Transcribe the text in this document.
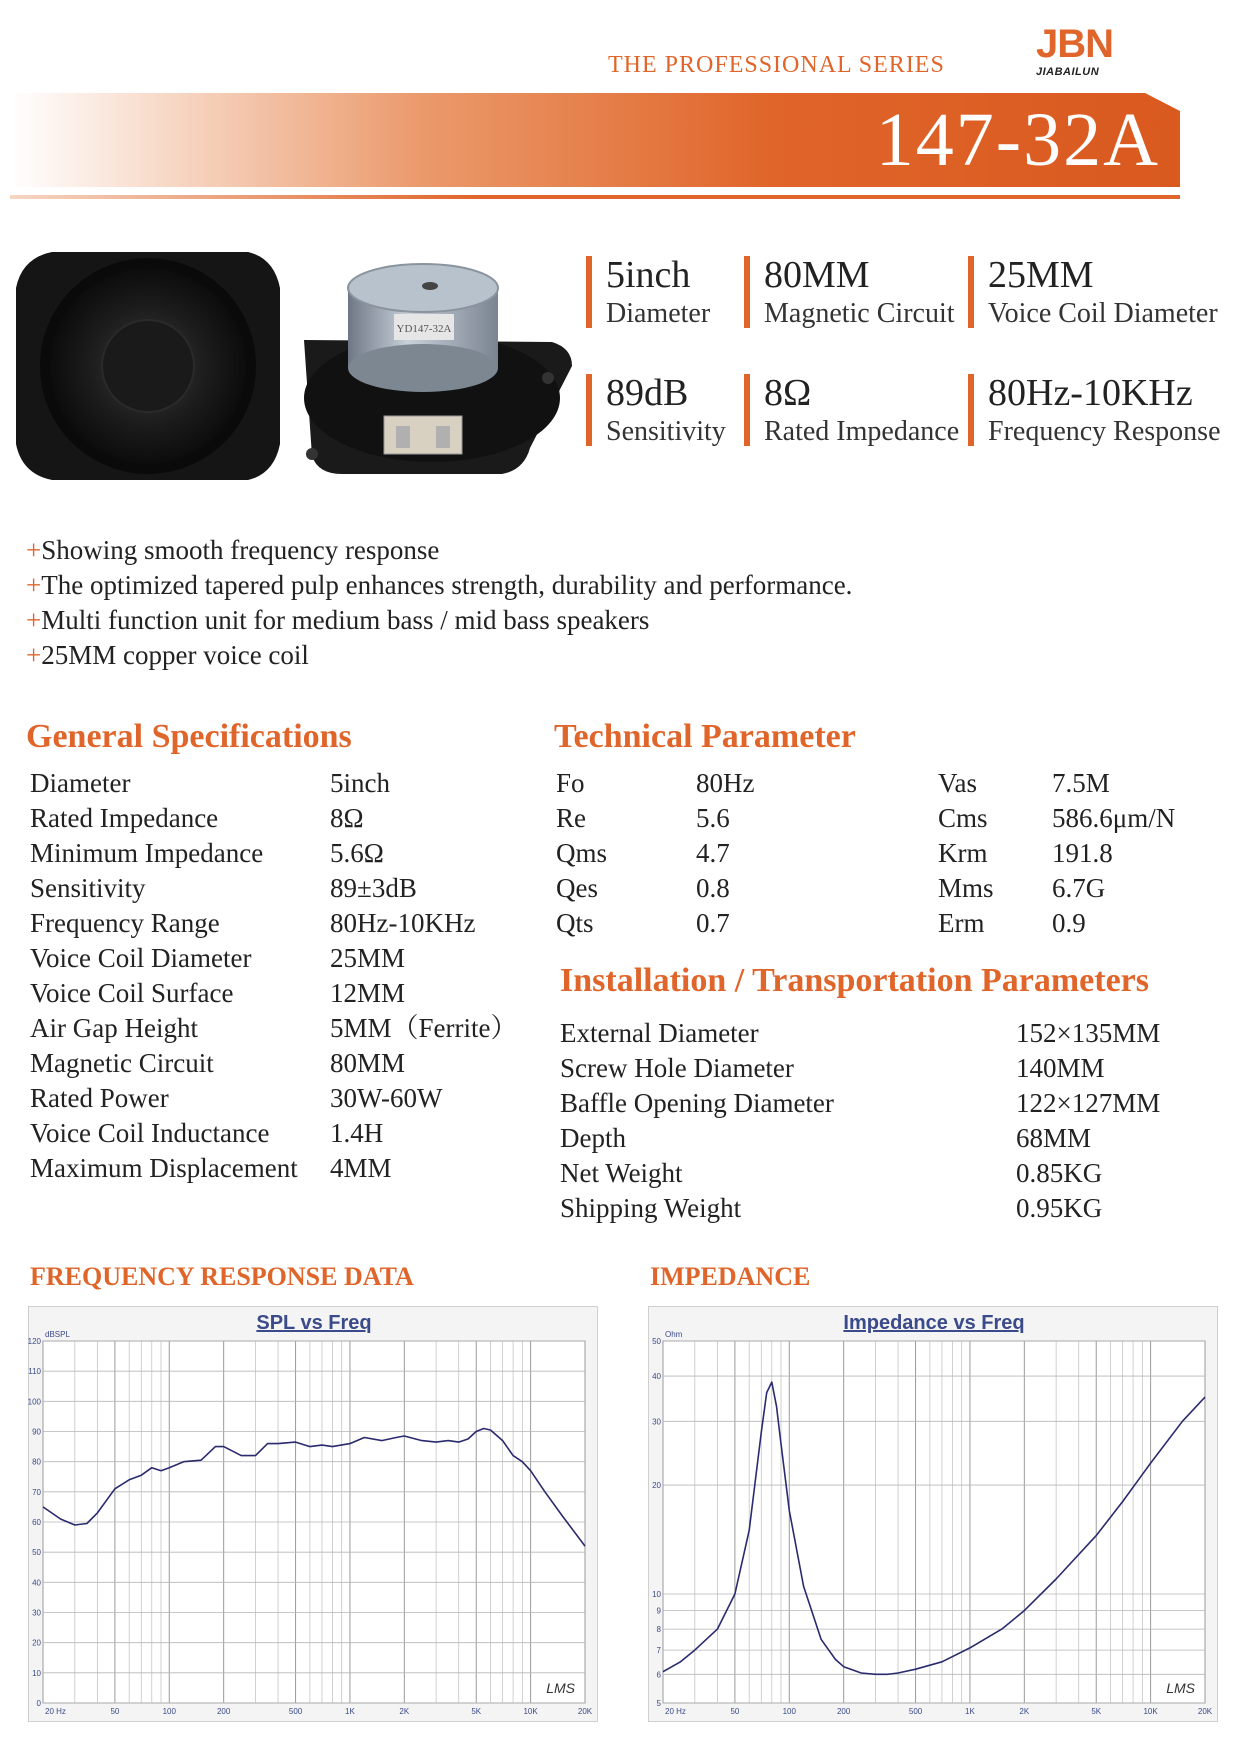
THE PROFESSIONAL SERIES JBN
JIABAILUN
147-32A
YD147-32A
5inch
Diameter
80MM
Magnetic Circuit
25MM
Voice Coil Diameter
89dB
Sensitivity
8Ω
Rated Impedance
80Hz-10KHz
Frequency Response
+Showing smooth frequency response
+The optimized tapered pulp enhances strength, durability and performance.
+Multi function unit for medium bass / mid bass speakers
+25MM copper voice coil
General Specifications
Diameter	5inch
Rated Impedance	8Ω
Minimum Impedance 5.6Ω
Sensitivity	89±3dB
Frequency Range	80Hz-10KHz
Voice Coil Diameter	25MM
Voice Coil Surface	12MM
Air Gap Height	5MM（Ferrite）
Magnetic Circuit	80MM
Rated Power	30W-60W
Voice Coil Inductance 1.4H
Maximum Displacement 4MM
Technical Parameter
Fo	80Hz	Vas	7.5M
Re	5.6	Cms 586.6μm/N
Qms	4.7	Krm 191.8
Qes	0.8	Mms 6.7G
Qts	0.7	Erm	0.9
Installation / Transportation Parameters
External Diameter	152×135MM
Screw Hole Diameter	140MM
Baffle Opening Diameter	122×127MM
Depth	68MM
Net Weight	0.85KG
Shipping Weight	0.95KG
FREQUENCY RESPONSE DATA	IMPEDANCE
0
10
20
30
40
50
60
70
80
90
100
110
120
20 Hz	50	100	200	500	1K	2K	5K	10K	20K
dBSPL
SPL vs Freq
LMS
5
6
7
8
9
10
20
30
40
50
20 Hz	50	100	200	500	1K	2K	5K	10K	20K
Ohm
Impedance vs Freq
LMS
